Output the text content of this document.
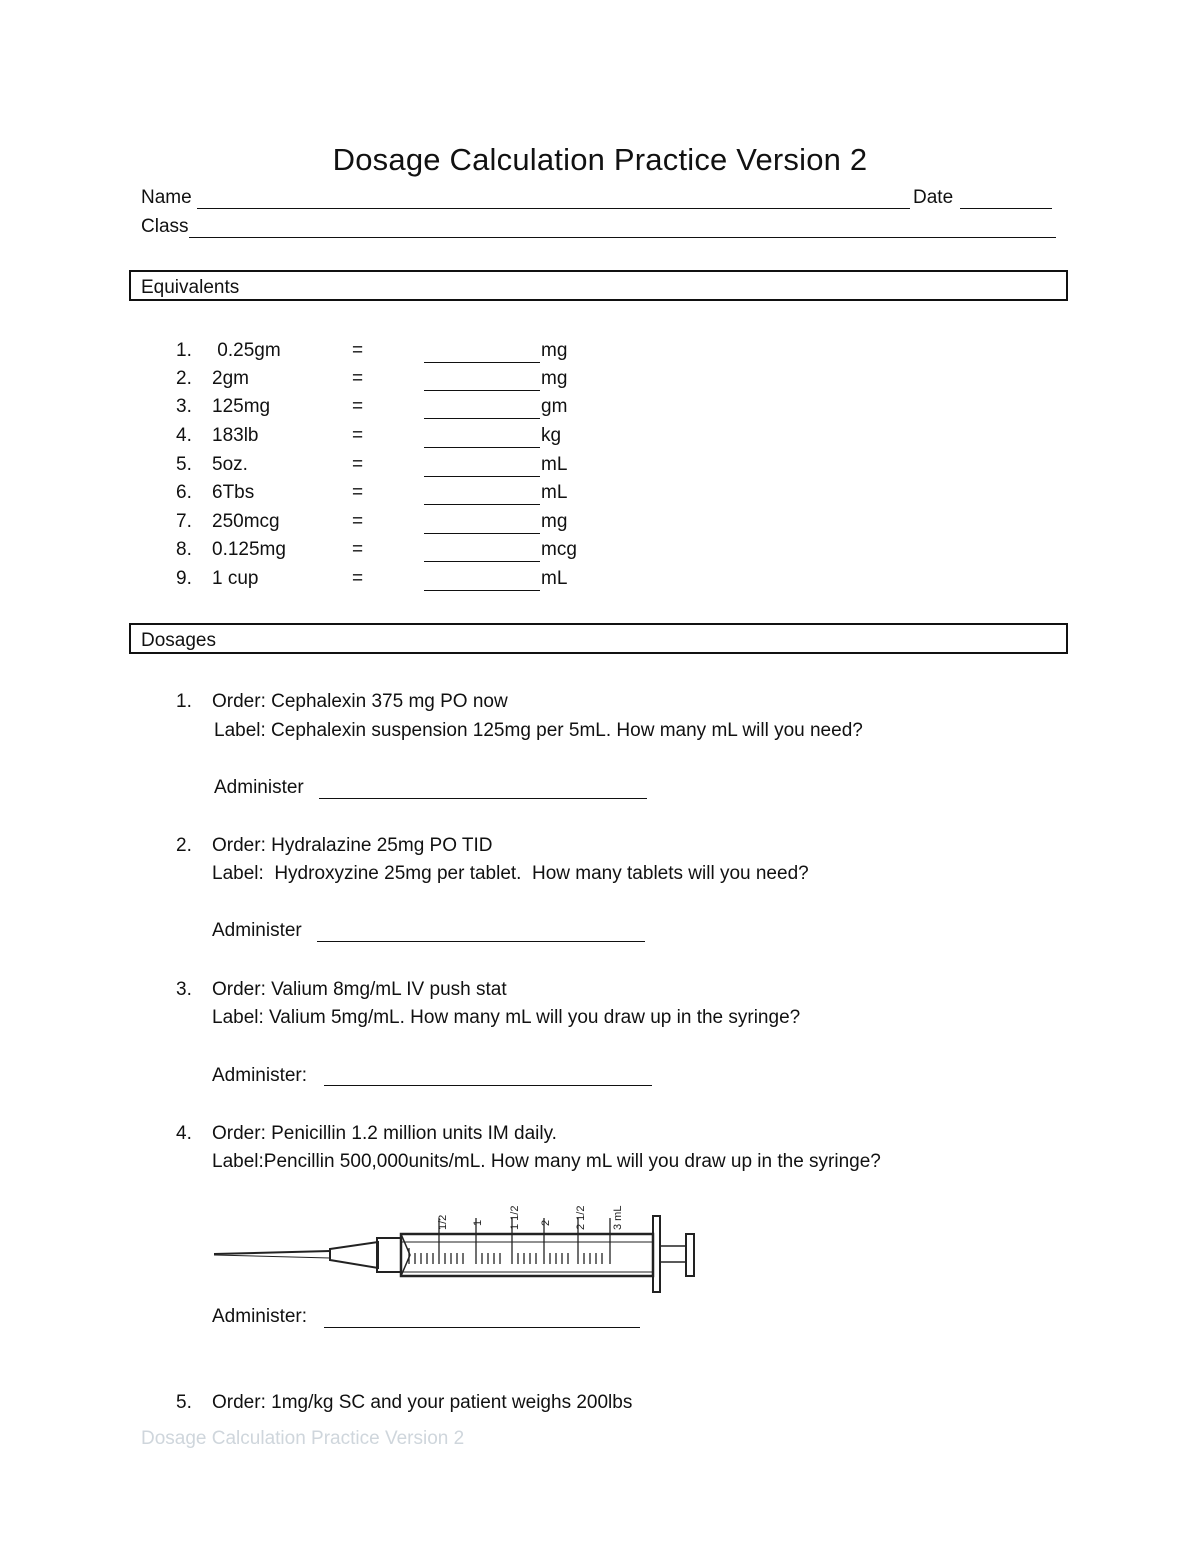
Dosage Calculation Practice Version 2
Name	Date
Class
Equivalents
1. 0.25gm	=	mg
2. 2gm	=	mg
3. 125mg	=	gm
4. 183lb	=	kg
5. 5oz.	=	mL
6. 6Tbs	=	mL
7. 250mcg	=	mg
8. 0.125mg	=	mcg
9. 1 cup	=	mL
Dosages
1. Order: Cephalexin 375 mg PO now
Label: Cephalexin suspension 125mg per 5mL. How many mL will you need?
Administer
2. Order: Hydralazine 25mg PO TID
Label:  Hydroxyzine 25mg per tablet.  How many tablets will you need?
Administer
3. Order: Valium 8mg/mL IV push stat
Label: Valium 5mg/mL. How many mL will you draw up in the syringe?
Administer:
4. Order: Penicillin 1.2 million units IM daily.
Label:Pencillin 500,000units/mL. How many mL will you draw up in the syringe?
1/2 1 1 1/2 2 2 1/2 3 mL
Administer:
5. Order: 1mg/kg SC and your patient weighs 200lbs
Dosage Calculation Practice Version 2
